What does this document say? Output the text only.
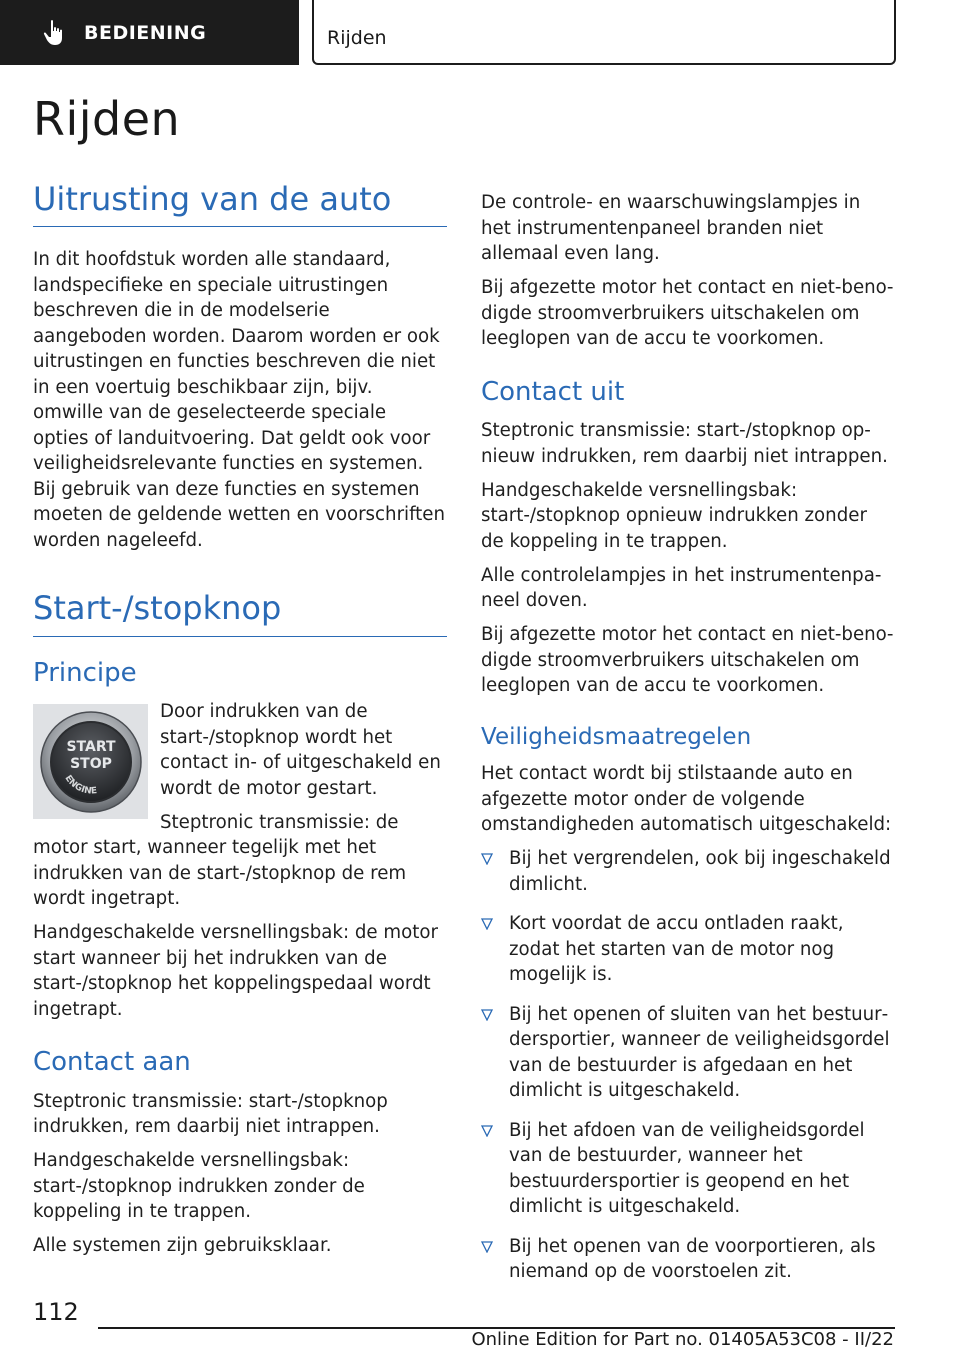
BEDIENING	Rijden
Rijden
Uitrusting van de auto

In dit hoofdstuk worden alle standaard, landspecifieke en speciale uitrustingen beschreven die in de modelserie aangeboden worden. Daarom worden er ook uitrustingen en functies beschreven die niet in een voertuig beschikbaar zijn, bijv. omwille van de geselecteerde speciale opties of landuitvoering. Dat geldt ook voor veiligheidsrelevante functies en systemen. Bij gebruik van deze functies en systemen moeten de geldende wetten en voorschriften worden nageleefd.

Start-/stopknop
Principe
START
STOP
ENGINE

Door indrukken van de start-/stopknop wordt het contact in- of uitgeschakeld en wordt de motor gestart.

Steptronic transmissie: de motor start, wanneer tegelijk met het indrukken van de start-/stopknop de rem wordt ingetrapt.

Handgeschakelde versnellingsbak: de motor start wanneer bij het indrukken van de start-/stopknop het koppelingspedaal wordt ingetrapt.

Contact aan

Steptronic transmissie: start-/stopknop indrukken, rem daarbij niet intrappen.

Handgeschakelde versnellingsbak: start-/stopknop indrukken zonder de koppeling in te trappen.

Alle systemen zijn gebruiksklaar.

De controle- en waarschuwingslampjes in het instrumentenpaneel branden niet allemaal even lang.

Bij afgezette motor het contact en niet-benodigde stroomverbruikers uitschakelen om leeglopen van de accu te voorkomen.

Contact uit

Steptronic transmissie: start-/stopknop opnieuw indrukken, rem daarbij niet intrappen.

Handgeschakelde versnellingsbak: start-/stopknop opnieuw indrukken zonder de koppeling in te trappen.

Alle controlelampjes in het instrumentenpaneel doven.

Bij afgezette motor het contact en niet-benodigde stroomverbruikers uitschakelen om leeglopen van de accu te voorkomen.

Veiligheidsmaatregelen

Het contact wordt bij stilstaande auto en afgezette motor onder de volgende omstandigheden automatisch uitgeschakeld:

Bij het vergrendelen, ook bij ingeschakeld dimlicht.
Kort voordat de accu ontladen raakt, zodat het starten van de motor nog mogelijk is.
Bij het openen of sluiten van het bestuurdersportier, wanneer de veiligheidsgordel van de bestuurder is afgedaan en het dimlicht is uitgeschakeld.
Bij het afdoen van de veiligheidsgordel van de bestuurder, wanneer het bestuurdersportier is geopend en het dimlicht is uitgeschakeld.
Bij het openen van de voorportieren, als niemand op de voorstoelen zit.
112
Online Edition for Part no. 01405A53C08 - II/22
